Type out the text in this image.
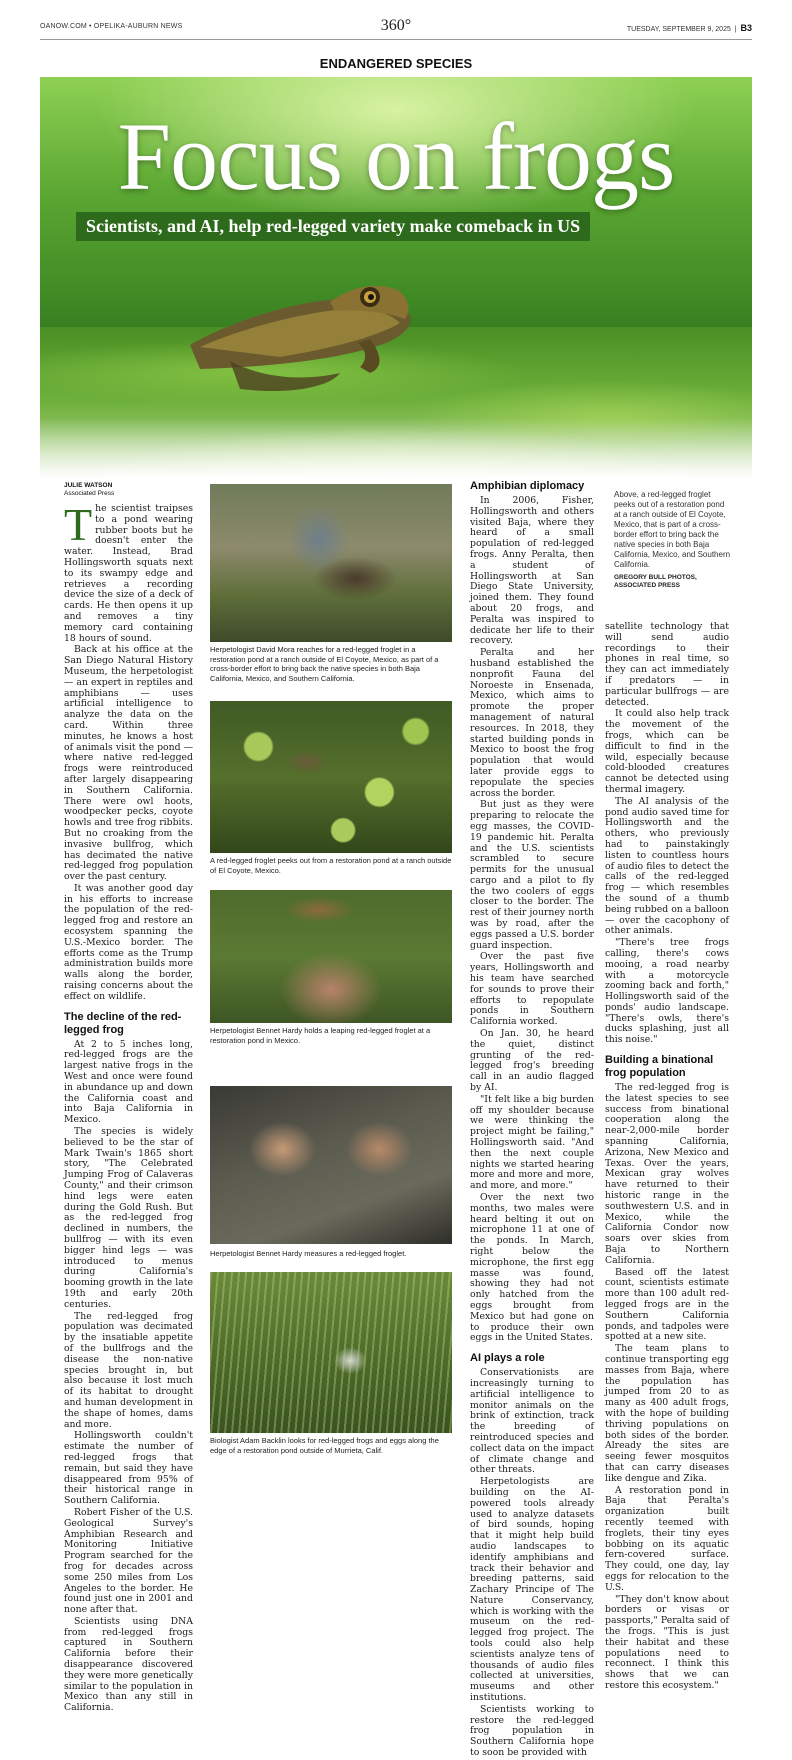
OANOW.COM • OPELIKA-AUBURN NEWS	360°	TUESDAY, SEPTEMBER 9, 2025  |  B3
ENDANGERED SPECIES
Focus on frogs
Scientists, and AI, help red-legged variety make comeback in US
JULIE WATSON
Associated Press

The scientist traipses to a pond wearing rubber boots but he doesn't enter the water. Instead, Brad Hollingsworth squats next to its swampy edge and retrieves a recording device the size of a deck of cards. He then opens it up and removes a tiny memory card containing 18 hours of sound.

Back at his office at the San Diego Natural History Museum, the herpetologist — an expert in reptiles and amphibians — uses artificial intelligence to analyze the data on the card. Within three minutes, he knows a host of animals visit the pond — where native red-legged frogs were reintroduced after largely disappearing in Southern California. There were owl hoots, woodpecker pecks, coyote howls and tree frog ribbits. But no croaking from the invasive bullfrog, which has decimated the native red-legged frog population over the past century.

It was another good day in his efforts to increase the population of the red-legged frog and restore an ecosystem spanning the U.S.-Mexico border. The efforts come as the Trump administration builds more walls along the border, raising concerns about the effect on wildlife.

The decline of the red-legged frog

At 2 to 5 inches long, red-legged frogs are the largest native frogs in the West and once were found in abundance up and down the California coast and into Baja California in Mexico.

The species is widely believed to be the star of Mark Twain's 1865 short story, "The Celebrated Jumping Frog of Calaveras County," and their crimson hind legs were eaten during the Gold Rush. But as the red-legged frog declined in numbers, the bullfrog — with its even bigger hind legs — was introduced to menus during California's booming growth in the late 19th and early 20th centuries.

The red-legged frog population was decimated by the insatiable appetite of the bullfrogs and the disease the non-native species brought in, but also because it lost much of its habitat to drought and human development in the shape of homes, dams and more.

Hollingsworth couldn't estimate the number of red-legged frogs that remain, but said they have disappeared from 95% of their historical range in Southern California.

Robert Fisher of the U.S. Geological Survey's Amphibian Research and Monitoring Initiative Program searched for the frog for decades across some 250 miles from Los Angeles to the border. He found just one in 2001 and none after that.

Scientists using DNA from red-legged frogs captured in Southern California before their disappearance discovered they were more genetically similar to the population in Mexico than any still in California.

Herpetologist David Mora reaches for a red-legged froglet in a restoration pond at a ranch outside of El Coyote, Mexico, as part of a cross-border effort to bring back the native species in both Baja California, Mexico, and Southern California.
A red-legged froglet peeks out from a restoration pond at a ranch outside of El Coyote, Mexico.
Herpetologist Bennet Hardy holds a leaping red-legged froglet at a restoration pond in Mexico.
Herpetologist Bennet Hardy measures a red-legged froglet.
Biologist Adam Backlin looks for red-legged frogs and eggs along the edge of a restoration pond outside of Murrieta, Calif.
Amphibian diplomacy

In 2006, Fisher, Hollingsworth and others visited Baja, where they heard of a small population of red-legged frogs. Anny Peralta, then a student of Hollingsworth at San Diego State University, joined them. They found about 20 frogs, and Peralta was inspired to dedicate her life to their recovery.

Peralta and her husband established the nonprofit Fauna del Noroeste in Ensenada, Mexico, which aims to promote the proper management of natural resources. In 2018, they started building ponds in Mexico to boost the frog population that would later provide eggs to repopulate the species across the border.

But just as they were preparing to relocate the egg masses, the COVID-19 pandemic hit. Peralta and the U.S. scientists scrambled to secure permits for the unusual cargo and a pilot to fly the two coolers of eggs closer to the border. The rest of their journey north was by road, after the eggs passed a U.S. border guard inspection.

Over the past five years, Hollingsworth and his team have searched for sounds to prove their efforts to repopulate ponds in Southern California worked.

On Jan. 30, he heard the quiet, distinct grunting of the red-legged frog's breeding call in an audio flagged by AI.

"It felt like a big burden off my shoulder because we were thinking the project might be failing," Hollingsworth said. "And then the next couple nights we started hearing more and more and more, and more, and more."

Over the next two months, two males were heard belting it out on microphone 11 at one of the ponds. In March, right below the microphone, the first egg masse was found, showing they had not only hatched from the eggs brought from Mexico but had gone on to produce their own eggs in the United States.

AI plays a role

Conservationists are increasingly turning to artificial intelligence to monitor animals on the brink of extinction, track the breeding of reintroduced species and collect data on the impact of climate change and other threats.

Herpetologists are building on the AI-powered tools already used to analyze datasets of bird sounds, hoping that it might help build audio landscapes to identify amphibians and track their behavior and breeding patterns, said Zachary Principe of The Nature Conservancy, which is working with the museum on the red-legged frog project. The tools could also help scientists analyze tens of thousands of audio files collected at universities, museums and other institutions.

Scientists working to restore the red-legged frog population in Southern California hope to soon be provided with

Above, a red-legged froglet peeks out of a restoration pond at a ranch outside of El Coyote, Mexico, that is part of a cross-border effort to bring back the native species in both Baja California, Mexico, and Southern California.
GREGORY BULL PHOTOS, ASSOCIATED PRESS

satellite technology that will send audio recordings to their phones in real time, so they can act immediately if predators — in particular bullfrogs — are detected.

It could also help track the movement of the frogs, which can be difficult to find in the wild, especially because cold-blooded creatures cannot be detected using thermal imagery.

The AI analysis of the pond audio saved time for Hollingsworth and the others, who previously had to painstakingly listen to countless hours of audio files to detect the calls of the red-legged frog — which resembles the sound of a thumb being rubbed on a balloon — over the cacophony of other animals.

"There's tree frogs calling, there's cows mooing, a road nearby with a motorcycle zooming back and forth," Hollingsworth said of the ponds' audio landscape. "There's owls, there's ducks splashing, just all this noise."

Building a binational frog population

The red-legged frog is the latest species to see success from binational cooperation along the near-2,000-mile border spanning California, Arizona, New Mexico and Texas. Over the years, Mexican gray wolves have returned to their historic range in the southwestern U.S. and in Mexico, while the California Condor now soars over skies from Baja to Northern California.

Based off the latest count, scientists estimate more than 100 adult red-legged frogs are in the Southern California ponds, and tadpoles were spotted at a new site.

The team plans to continue transporting egg masses from Baja, where the population has jumped from 20 to as many as 400 adult frogs, with the hope of building thriving populations on both sides of the border. Already the sites are seeing fewer mosquitos that can carry diseases like dengue and Zika.

A restoration pond in Baja that Peralta's organization built recently teemed with froglets, their tiny eyes bobbing on its aquatic fern-covered surface. They could, one day, lay eggs for relocation to the U.S.

"They don't know about borders or visas or passports," Peralta said of the frogs. "This is just their habitat and these populations need to reconnect. I think this shows that we can restore this ecosystem."
